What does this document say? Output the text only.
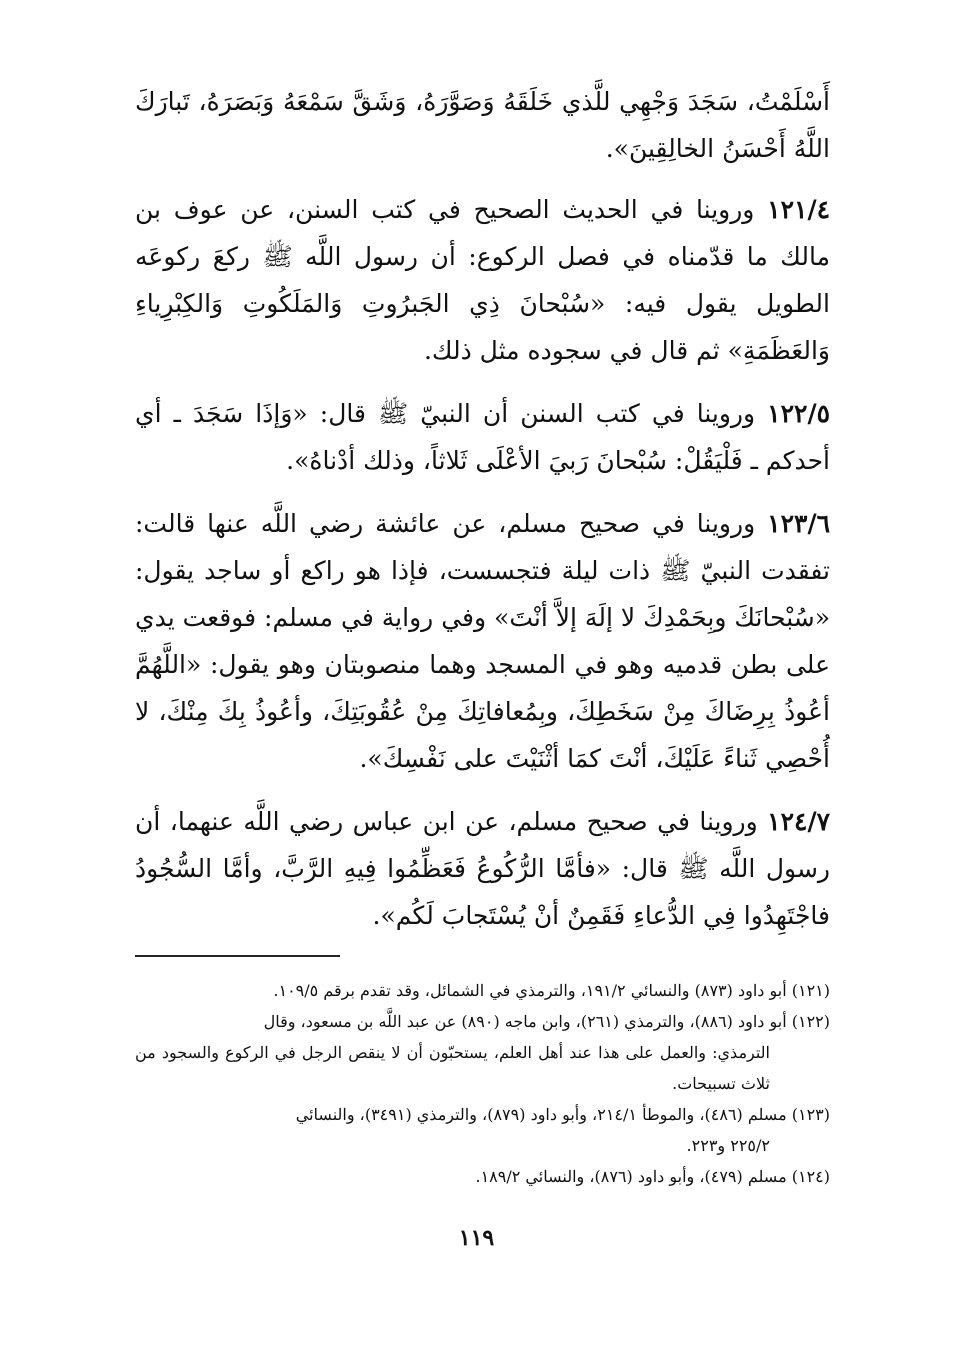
أَسْلَمْتُ، سَجَدَ وَجْهِي للَّذي خَلَقَهُ وَصَوَّرَهُ، وَشَقَّ سَمْعَهُ وَبَصَرَهُ، تَبارَكَ اللَّهُ أَحْسَنُ الخالِقِينَ».

١٢١/٤ وروينا في الحديث الصحيح في كتب السنن، عن عوف بن مالك ما قدّمناه في فصل الركوع: أن رسول اللَّه ﷺ ركعَ ركوعَه الطويل يقول فيه: «سُبْحانَ ذِي الجَبرُوتِ وَالمَلَكُوتِ وَالكِبْرِياءِ وَالعَظَمَةِ» ثم قال في سجوده مثل ذلك.

١٢٢/٥ وروينا في كتب السنن أن النبيّ ﷺ قال: «وَإذَا سَجَدَ ـ أي أحدكم ـ فَلْيَقُلْ: سُبْحانَ رَبيَ الأعْلَى ثَلاثاً، وذلك أدْناهُ».

١٢٣/٦ وروينا في صحيح مسلم، عن عائشة رضي اللَّه عنها قالت: تفقدت النبيّ ﷺ ذات ليلة فتجسست، فإذا هو راكع أو ساجد يقول: «سُبْحانَكَ وبِحَمْدِكَ لا إلَهَ إلاَّ أنْتَ» وفي رواية في مسلم: فوقعت يدي على بطن قدميه وهو في المسجد وهما منصوبتان وهو يقول: «اللَّهُمَّ أعُوذُ بِرِضَاكَ مِنْ سَخَطِكَ، وبِمُعافاتِكَ مِنْ عُقُوبَتِكَ، وأعُوذُ بِكَ مِنْكَ، لا أُحْصِي ثَناءً عَلَيْكَ، أنْتَ كمَا أثْنَيْتَ على نَفْسِكَ».

١٢٤/٧ وروينا في صحيح مسلم، عن ابن عباس رضي اللَّه عنهما، أن رسول اللَّه ﷺ قال: «فأمَّا الرُّكُوعُ فَعَظِّمُوا فِيهِ الرَّبَّ، وأمَّا السُّجُودُ فاجْتَهِدُوا فِي الدُّعاءِ فَقَمِنٌ أنْ يُسْتَجابَ لَكُم».

(١٢١) أبو داود (٨٧٣) والنسائي ١٩١/٢، والترمذي في الشمائل، وقد تقدم برقم ١٠٩/٥.

(١٢٢) أبو داود (٨٨٦)، والترمذي (٢٦١)، وابن ماجه (٨٩٠) عن عبد اللَّه بن مسعود، وقال

الترمذي: والعمل على هذا عند أهل العلم، يستحبّون أن لا ينقص الرجل في الركوع والسجود من ثلاث تسبيحات.

(١٢٣) مسلم (٤٨٦)، والموطأ ٢١٤/١، وأبو داود (٨٧٩)، والترمذي (٣٤٩١)، والنسائي

٢٢٥/٢ و٢٢٣.

(١٢٤) مسلم (٤٧٩)، وأبو داود (٨٧٦)، والنسائي ١٨٩/٢.

١١٩
